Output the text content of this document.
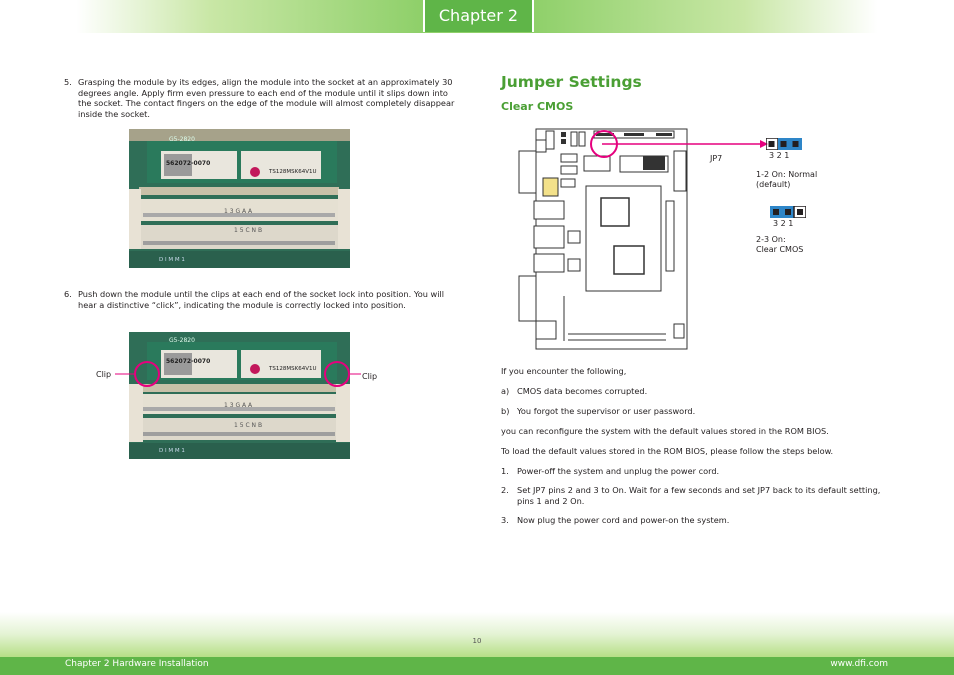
Chapter 2
5. Grasping the module by its edges, align the module into the socket at an approximately 30
degrees angle. Apply firm even pressure to each end of the module until it slips down into
the socket. The contact fingers on the edge of the module will almost completely disappear
inside the socket.
G5-2820
562072-0070
TS128MSK64V1U
1 3 G A A
1 5 C N B
D I M M 1
6. Push down the module until the clips at each end of the socket lock into position. You will
hear a distinctive “click”, indicating the module is correctly locked into position.
G5-2820
562072-0070
TS128MSK64V1U
1 3 G A A
1 5 C N B
D I M M 1
Clip	Clip
Jumper Settings
Clear CMOS
JP7	3 2 1
1-2 On: Normal
(default)
3 2 1
2-3 On:
Clear CMOS
If you encounter the following,
a) CMOS data becomes corrupted.
b) You forgot the supervisor or user password.
you can reconfigure the system with the default values stored in the ROM BIOS.
To load the default values stored in the ROM BIOS, please follow the steps below.
1. Power-off the system and unplug the power cord.
2. Set JP7 pins 2 and 3 to On. Wait for a few seconds and set JP7 back to its default setting,
pins 1 and 2 On.
3. Now plug the power cord and power-on the system.
10
Chapter 2 Hardware Installation	www.dfi.com
